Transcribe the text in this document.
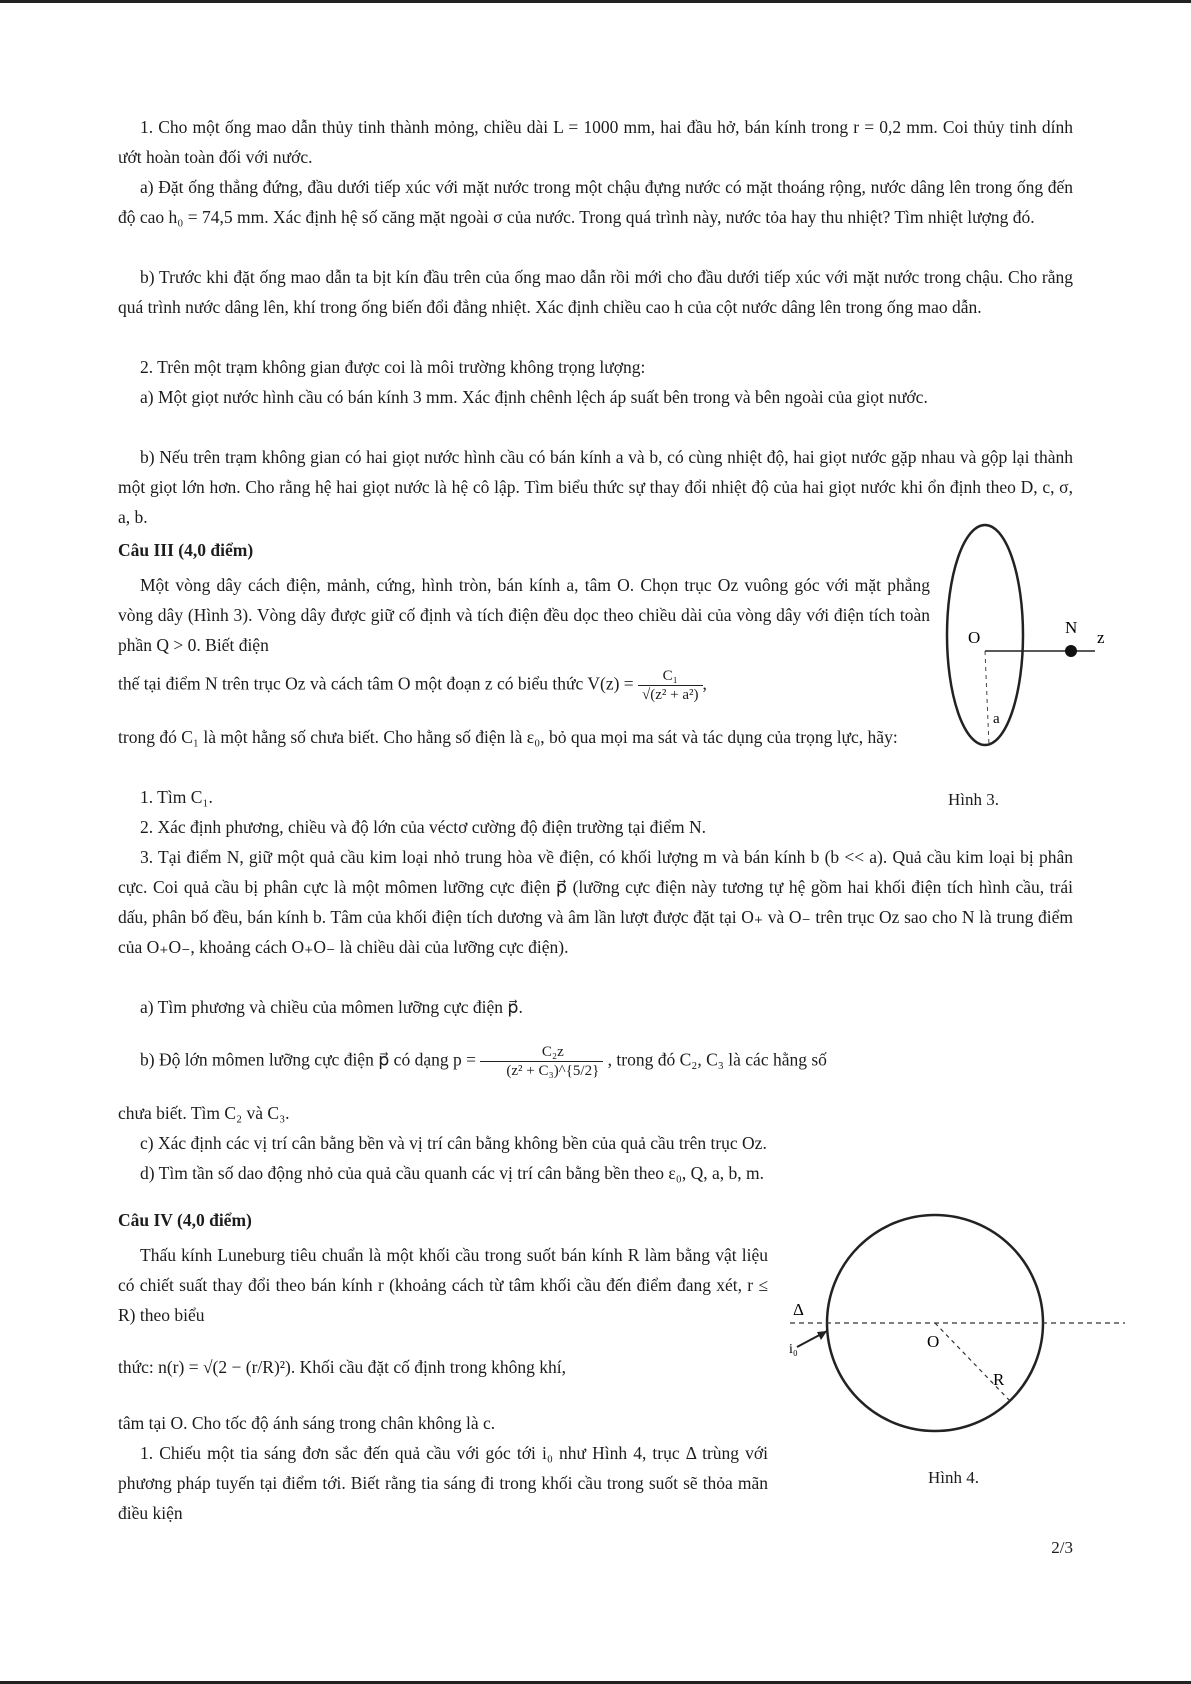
1. Cho một ống mao dẫn thủy tinh thành mỏng, chiều dài L = 1000 mm, hai đầu hở, bán kính trong r = 0,2 mm. Coi thủy tinh dính ướt hoàn toàn đối với nước.

a) Đặt ống thẳng đứng, đầu dưới tiếp xúc với mặt nước trong một chậu đựng nước có mặt thoáng rộng, nước dâng lên trong ống đến độ cao h₀ = 74,5 mm. Xác định hệ số căng mặt ngoài σ của nước. Trong quá trình này, nước tỏa hay thu nhiệt? Tìm nhiệt lượng đó.

b) Trước khi đặt ống mao dẫn ta bịt kín đầu trên của ống mao dẫn rồi mới cho đầu dưới tiếp xúc với mặt nước trong chậu. Cho rằng quá trình nước dâng lên, khí trong ống biến đổi đẳng nhiệt. Xác định chiều cao h của cột nước dâng lên trong ống mao dẫn.

2. Trên một trạm không gian được coi là môi trường không trọng lượng:

a) Một giọt nước hình cầu có bán kính 3 mm. Xác định chênh lệch áp suất bên trong và bên ngoài của giọt nước.

b) Nếu trên trạm không gian có hai giọt nước hình cầu có bán kính a và b, có cùng nhiệt độ, hai giọt nước gặp nhau và gộp lại thành một giọt lớn hơn. Cho rằng hệ hai giọt nước là hệ cô lập. Tìm biểu thức sự thay đổi nhiệt độ của hai giọt nước khi ổn định theo D, c, σ, a, b.

Câu III (4,0 điểm)

Một vòng dây cách điện, mảnh, cứng, hình tròn, bán kính a, tâm O. Chọn trục Oz vuông góc với mặt phẳng vòng dây (Hình 3). Vòng dây được giữ cố định và tích điện đều dọc theo chiều dài của vòng dây với điện tích toàn phần Q > 0. Biết điện

thế tại điểm N trên trục Oz và cách tâm O một đoạn z có biểu thức $V(z) = \frac{\text{C₁}}{\text{√(z² + a²)}}$ ,

trong đó C₁ là một hằng số chưa biết. Cho hằng số điện là ε₀, bỏ qua mọi ma sát và tác dụng của trọng lực, hãy:

1. Tìm C₁.

2. Xác định phương, chiều và độ lớn của véctơ cường độ điện trường tại điểm N.

3. Tại điểm N, giữ một quả cầu kim loại nhỏ trung hòa về điện, có khối lượng m và bán kính b (b << a). Quả cầu kim loại bị phân cực. Coi quả cầu bị phân cực là một mômen lưỡng cực điện p⃗ (lưỡng cực điện này tương tự hệ gồm hai khối điện tích hình cầu, trái dấu, phân bố đều, bán kính b. Tâm của khối điện tích dương và âm lần lượt được đặt tại O₊ và O₋ trên trục Oz sao cho N là trung điểm của O₊O₋, khoảng cách O₊O₋ là chiều dài của lưỡng cực điện).

a) Tìm phương và chiều của mômen lưỡng cực điện p⃗.

b) Độ lớn mômen lưỡng cực điện p⃗ có dạng $p = \frac{\text{C₂z}}{\text{(z² + C₃)\textasciicircum{}\{5/2\}}}$ , trong đó C₂, C₃ là các hằng số

chưa biết. Tìm C₂ và C₃.

c) Xác định các vị trí cân bằng bền và vị trí cân bằng không bền của quả cầu trên trục Oz.

d) Tìm tần số dao động nhỏ của quả cầu quanh các vị trí cân bằng bền theo ε₀, Q, a, b, m.

O
N
z
a
Hình 3.
Câu IV (4,0 điểm)

Thấu kính Luneburg tiêu chuẩn là một khối cầu trong suốt bán kính R làm bằng vật liệu có chiết suất thay đổi theo bán kính r (khoảng cách từ tâm khối cầu đến điểm đang xét, r ≤ R) theo biểu

thức: n(r) = √(2 − (r/R)²). Khối cầu đặt cố định trong không khí,

tâm tại O. Cho tốc độ ánh sáng trong chân không là c.

1. Chiếu một tia sáng đơn sắc đến quả cầu với góc tới i₀ như Hình 4, trục Δ trùng với phương pháp tuyến tại điểm tới. Biết rằng tia sáng đi trong khối cầu trong suốt sẽ thỏa mãn điều kiện

Δ
i₀	O
R
Hình 4.
2/3
